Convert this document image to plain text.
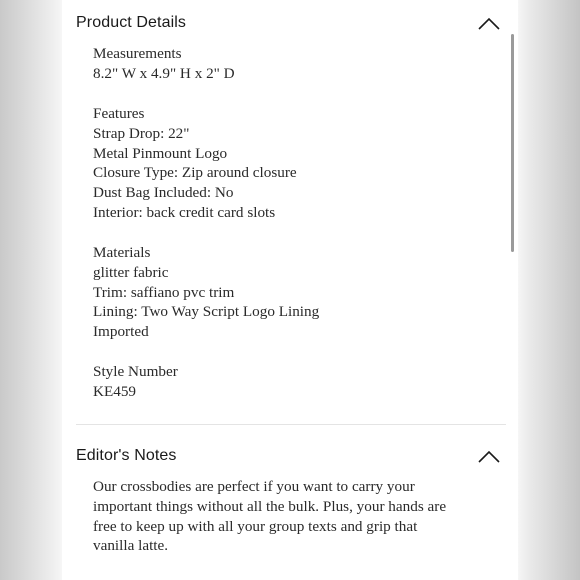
Product Details
Measurements
8.2" W x 4.9" H x 2" D
Features
Strap Drop: 22"
Metal Pinmount Logo
Closure Type: Zip around closure
Dust Bag Included: No
Interior: back credit card slots
Materials
glitter fabric
Trim: saffiano pvc trim
Lining: Two Way Script Logo Lining
Imported
Style Number
KE459
Editor's Notes
Our crossbodies are perfect if you want to carry your
important things without all the bulk. Plus, your hands are
free to keep up with all your group texts and grip that
vanilla latte.
